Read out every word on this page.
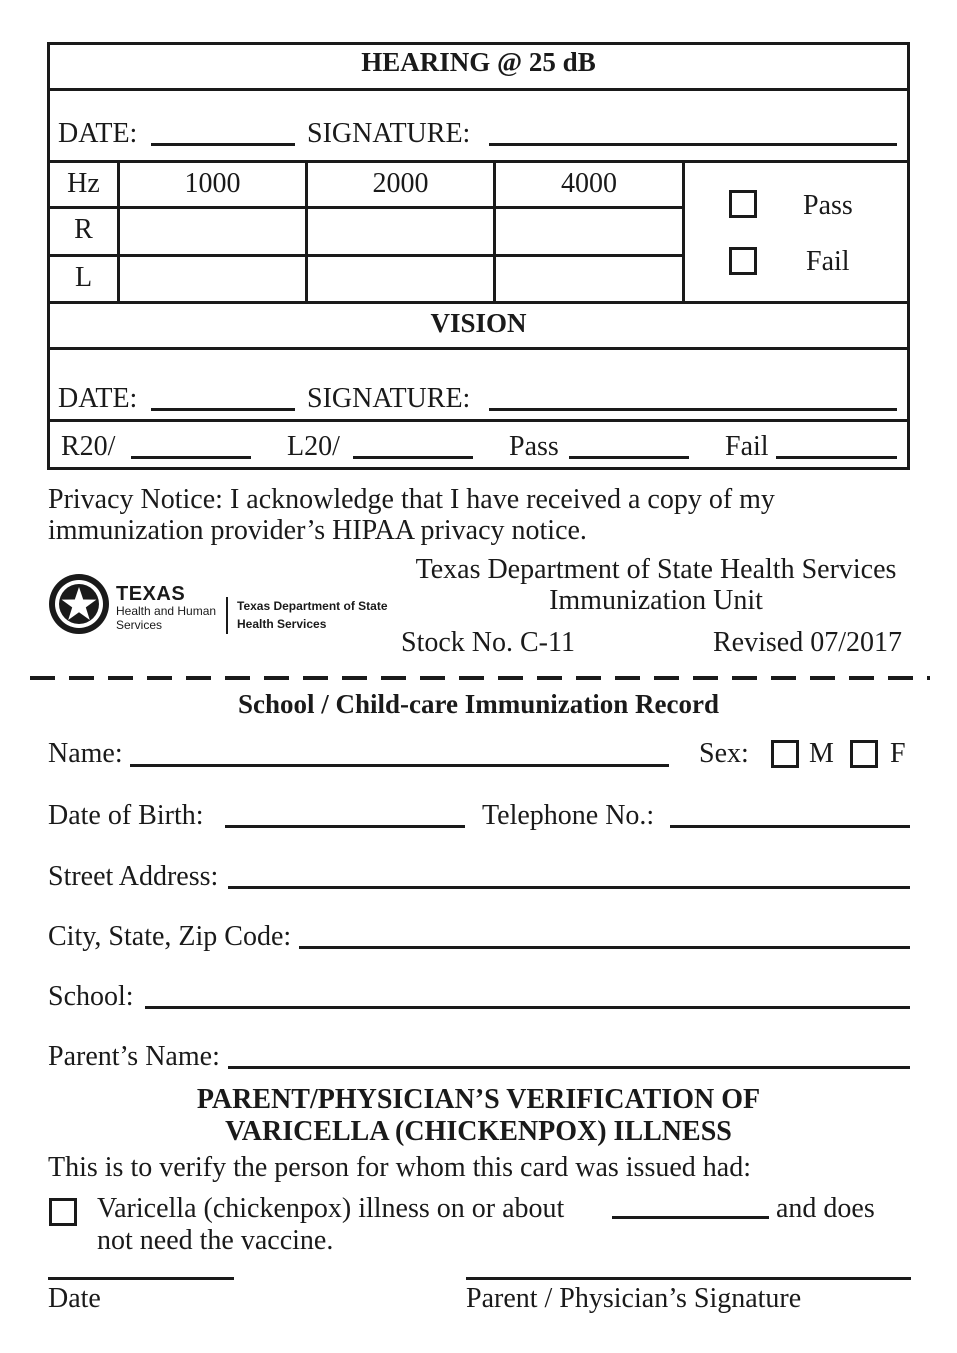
HEARING @ 25 dB
DATE:	SIGNATURE:
Hz	1000	2000	4000
R
L
Pass
Fail
VISION
DATE:	SIGNATURE:
R20/	L20/	Pass	Fail
Privacy Notice: I acknowledge that I have received a copy of my
immunization provider’s HIPAA privacy notice.
TEXAS
Health and Human
Services
Texas Department of State
Health Services
Texas Department of State Health Services
Immunization Unit
Stock No. C-11	Revised 07/2017
School / Child-care Immunization Record
Name:	Sex: M F
Date of Birth:	Telephone No.:
Street Address:
City, State, Zip Code:
School:
Parent’s Name:
PARENT/PHYSICIAN’S VERIFICATION OF
VARICELLA (CHICKENPOX) ILLNESS
This is to verify the person for whom this card was issued had:
Varicella (chickenpox) illness on or about	and does
not need the vaccine.
Date	Parent / Physician’s Signature
